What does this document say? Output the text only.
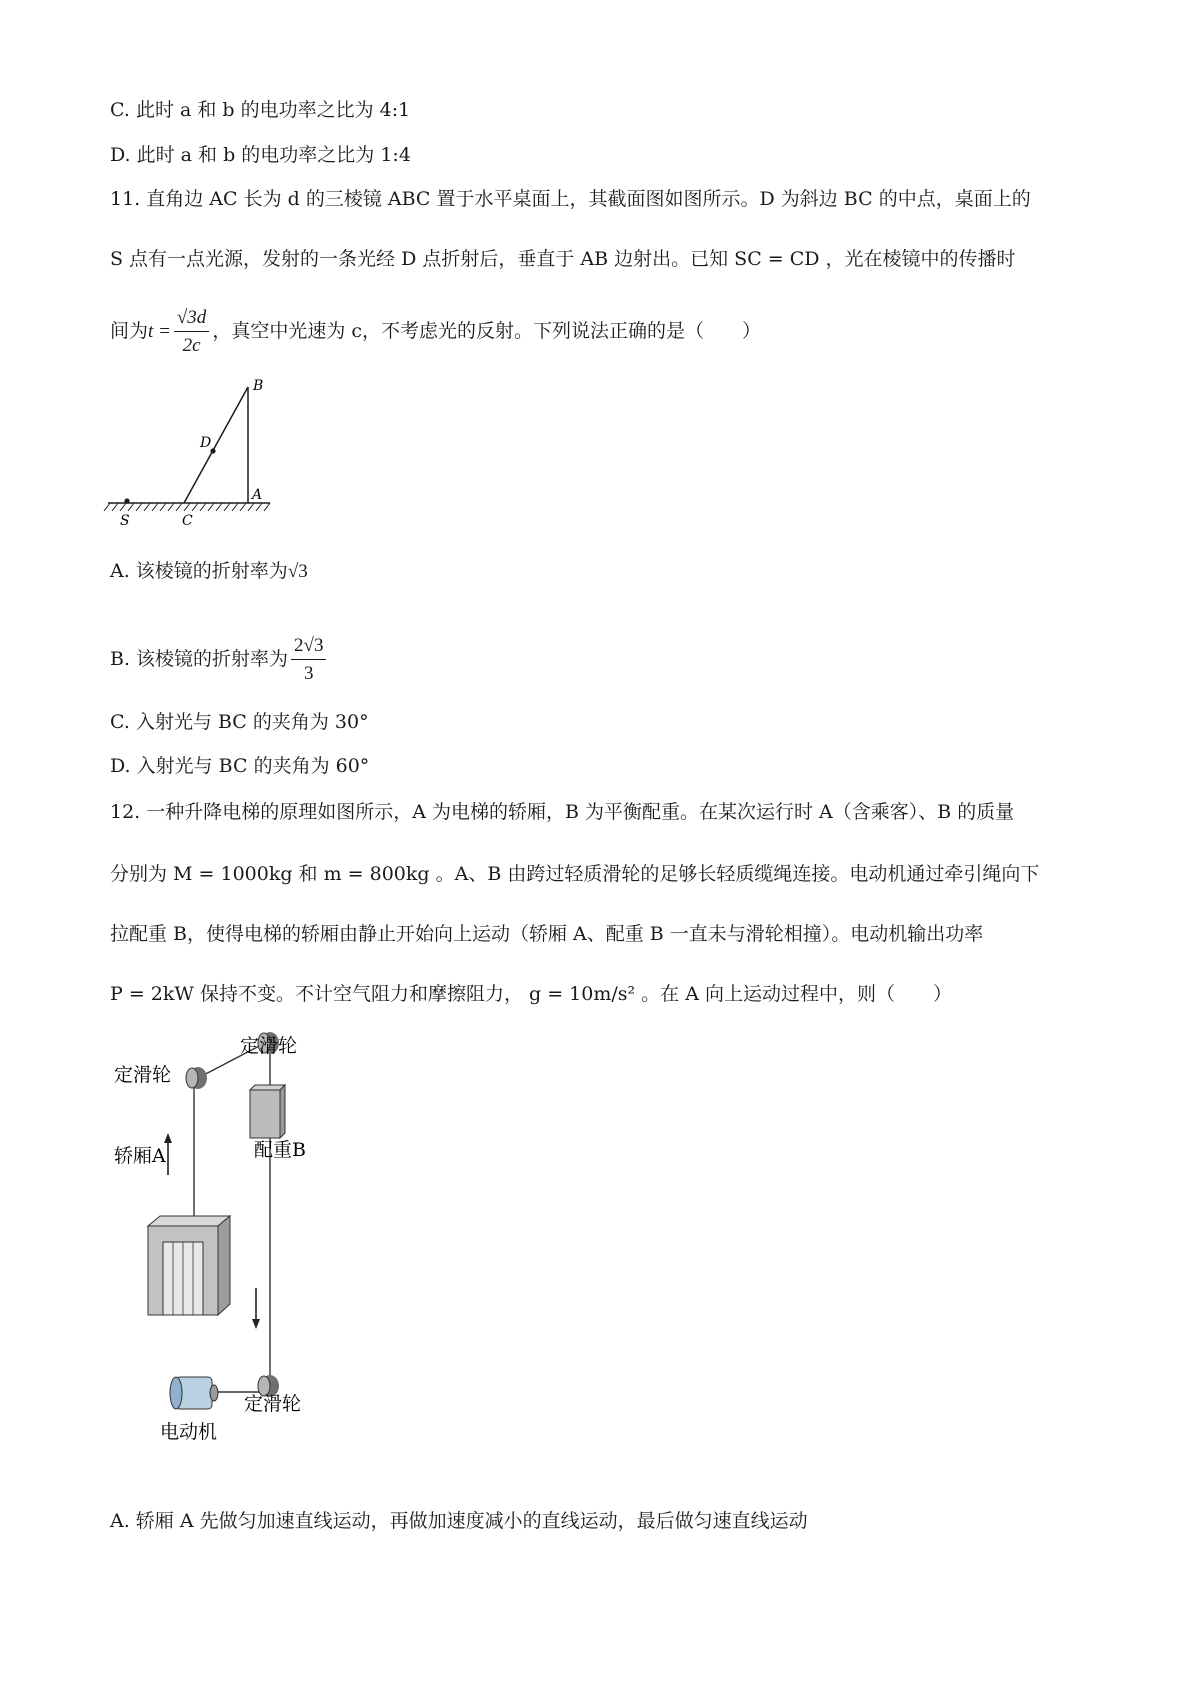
C. 此时 a 和 b 的电功率之比为 4:1
D. 此时 a 和 b 的电功率之比为 1:4
11. 直角边 AC 长为 d 的三棱镜 ABC 置于水平桌面上，其截面图如图所示。D 为斜边 BC 的中点，桌面上的
S 点有一点光源，发射的一条光经 D 点折射后，垂直于 AB 边射出。已知 SC = CD ，光在棱镜中的传播时
间为$t = \frac{√3d}{2c}$ ，真空中光速为 c，不考虑光的反射。下列说法正确的是（　　）
B
D
A
S	C
A. 该棱镜的折射率为√3
B. 该棱镜的折射率为 $\frac{2√3}{3}$
C. 入射光与 BC 的夹角为 30°
D. 入射光与 BC 的夹角为 60°
12. 一种升降电梯的原理如图所示，A 为电梯的轿厢，B 为平衡配重。在某次运行时 A（含乘客）、B 的质量
分别为 M = 1000kg 和 m = 800kg 。A、B 由跨过轻质滑轮的足够长轻质缆绳连接。电动机通过牵引绳向下
拉配重 B，使得电梯的轿厢由静止开始向上运动（轿厢 A、配重 B 一直未与滑轮相撞）。电动机输出功率
P = 2kW 保持不变。不计空气阻力和摩擦阻力， g = 10m/s² 。在 A 向上运动过程中，则（　　）
定滑轮
定滑轮
配重B
轿厢A
定滑轮
电动机
A. 轿厢 A 先做匀加速直线运动，再做加速度减小的直线运动，最后做匀速直线运动
